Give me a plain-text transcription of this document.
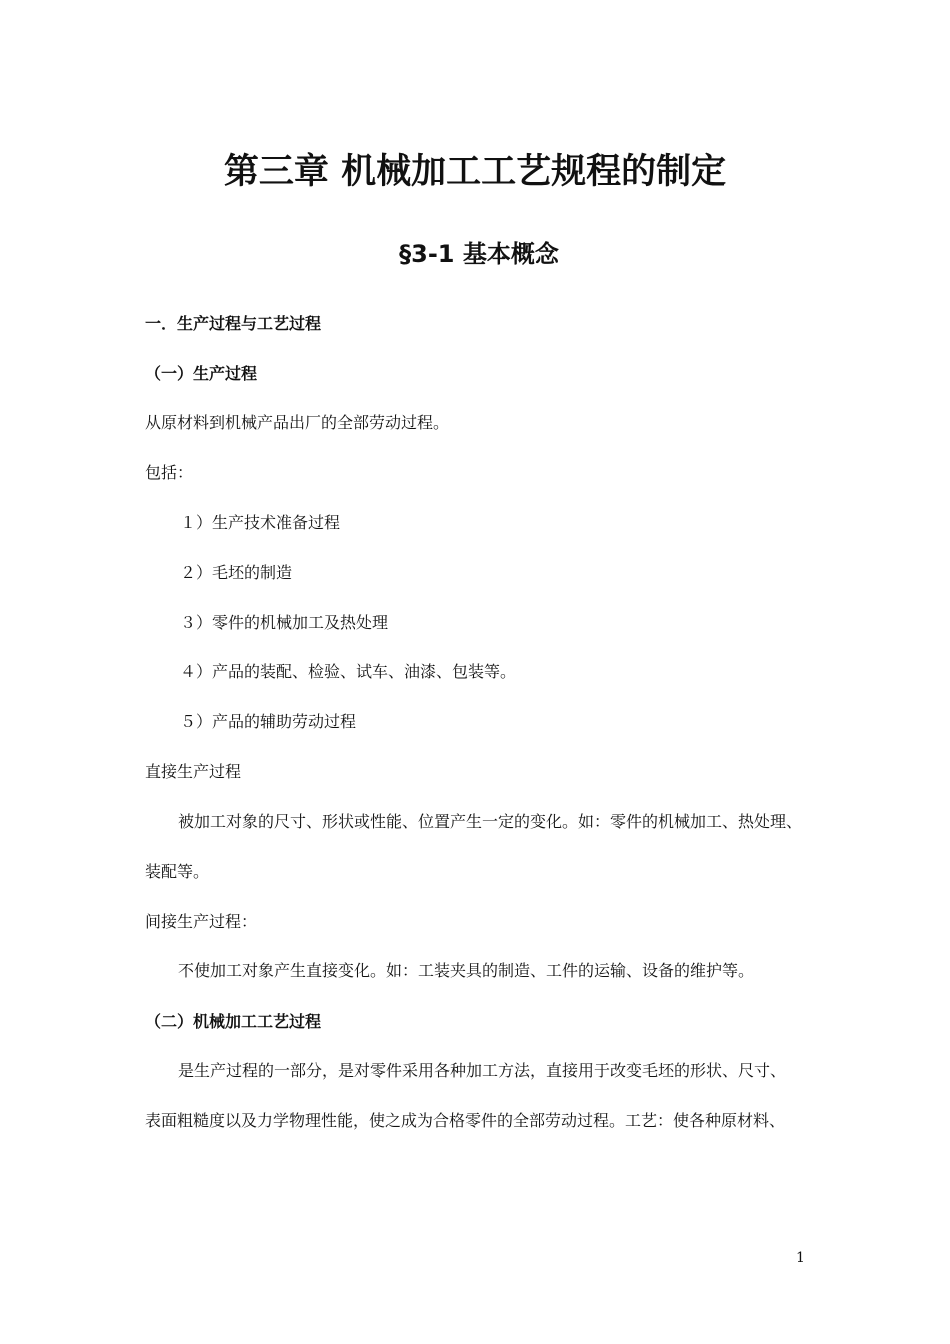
第三章 机械加工工艺规程的制定
§3-1 基本概念
一．生产过程与工艺过程
（一）生产过程
从原材料到机械产品出厂的全部劳动过程。
包括：
１）生产技术准备过程
２）毛坯的制造
３）零件的机械加工及热处理
４）产品的装配、检验、试车、油漆、包装等。
５）产品的辅助劳动过程
直接生产过程
被加工对象的尺寸、形状或性能、位置产生一定的变化。如：零件的机械加工、热处理、
装配等。
间接生产过程：
不使加工对象产生直接变化。如：工装夹具的制造、工件的运输、设备的维护等。
（二）机械加工工艺过程
是生产过程的一部分，是对零件采用各种加工方法，直接用于改变毛坯的形状、尺寸、
表面粗糙度以及力学物理性能，使之成为合格零件的全部劳动过程。工艺：使各种原材料、
1
